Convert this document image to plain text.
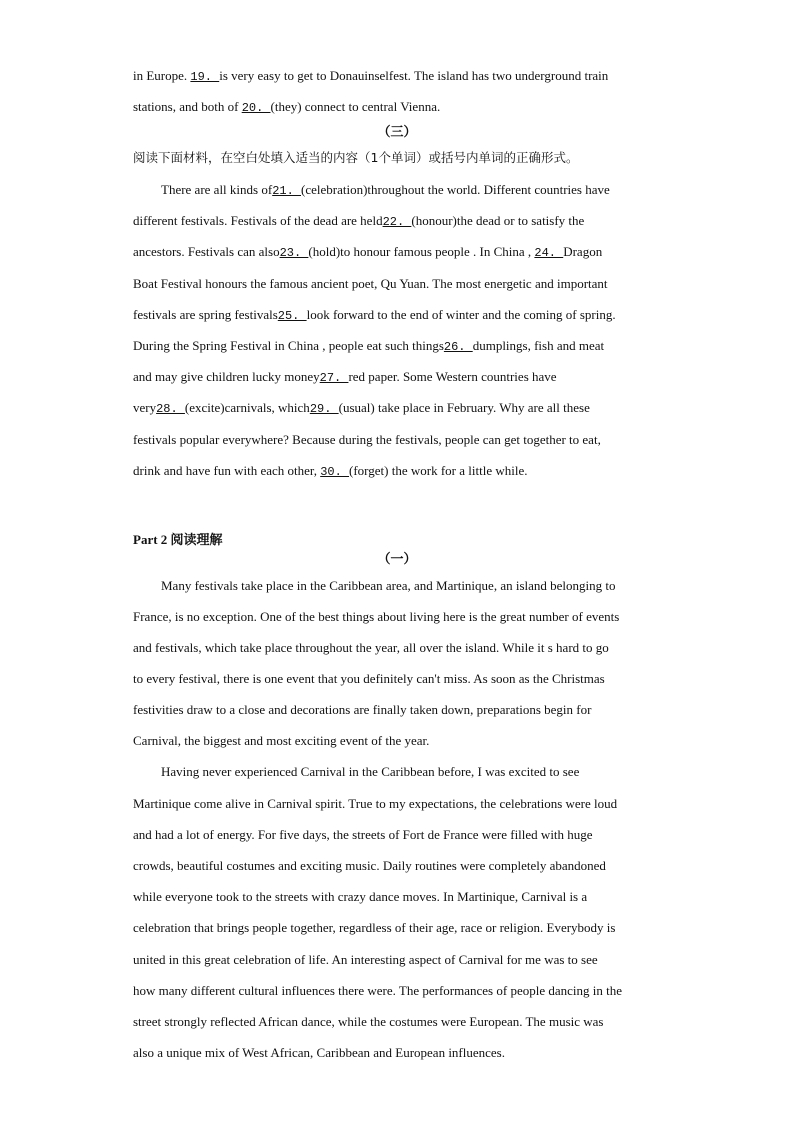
in Europe. 19. is very easy to get to Donauinselfest. The island has two underground train
stations, and both of 20. (they) connect to central Vienna.
（三）
阅读下面材料，在空白处填入适当的内容（1个单词）或括号内单词的正确形式。
There are all kinds of21. (celebration)throughout the world. Different countries have
different festivals. Festivals of the dead are held22. (honour)the dead or to satisfy the
ancestors. Festivals can also23. (hold)to honour famous people . In China , 24. Dragon
Boat Festival honours the famous ancient poet, Qu Yuan. The most energetic and important
festivals are spring festivals25. look forward to the end of winter and the coming of spring.
During the Spring Festival in China , people eat such things26. dumplings, fish and meat
and may give children lucky money27. red paper. Some Western countries have
very28. (excite)carnivals, which29. (usual) take place in February. Why are all these
festivals popular everywhere? Because during the festivals, people can get together to eat,
drink and have fun with each other, 30. (forget) the work for a little while.
Part 2 阅读理解
（一）
Many festivals take place in the Caribbean area, and Martinique, an island belonging to
France, is no exception. One of the best things about living here is the great number of events
and festivals, which take place throughout the year, all over the island. While it s hard to go
to every festival, there is one event that you definitely can't miss. As soon as the Christmas
festivities draw to a close and decorations are finally taken down, preparations begin for
Carnival, the biggest and most exciting event of the year.
Having never experienced Carnival in the Caribbean before, I was excited to see
Martinique come alive in Carnival spirit. True to my expectations, the celebrations were loud
and had a lot of energy. For five days, the streets of Fort de France were filled with huge
crowds, beautiful costumes and exciting music. Daily routines were completely abandoned
while everyone took to the streets with crazy dance moves. In Martinique, Carnival is a
celebration that brings people together, regardless of their age, race or religion. Everybody is
united in this great celebration of life. An interesting aspect of Carnival for me was to see
how many different cultural influences there were. The performances of people dancing in the
street strongly reflected African dance, while the costumes were European. The music was
also a unique mix of West African, Caribbean and European influences.
